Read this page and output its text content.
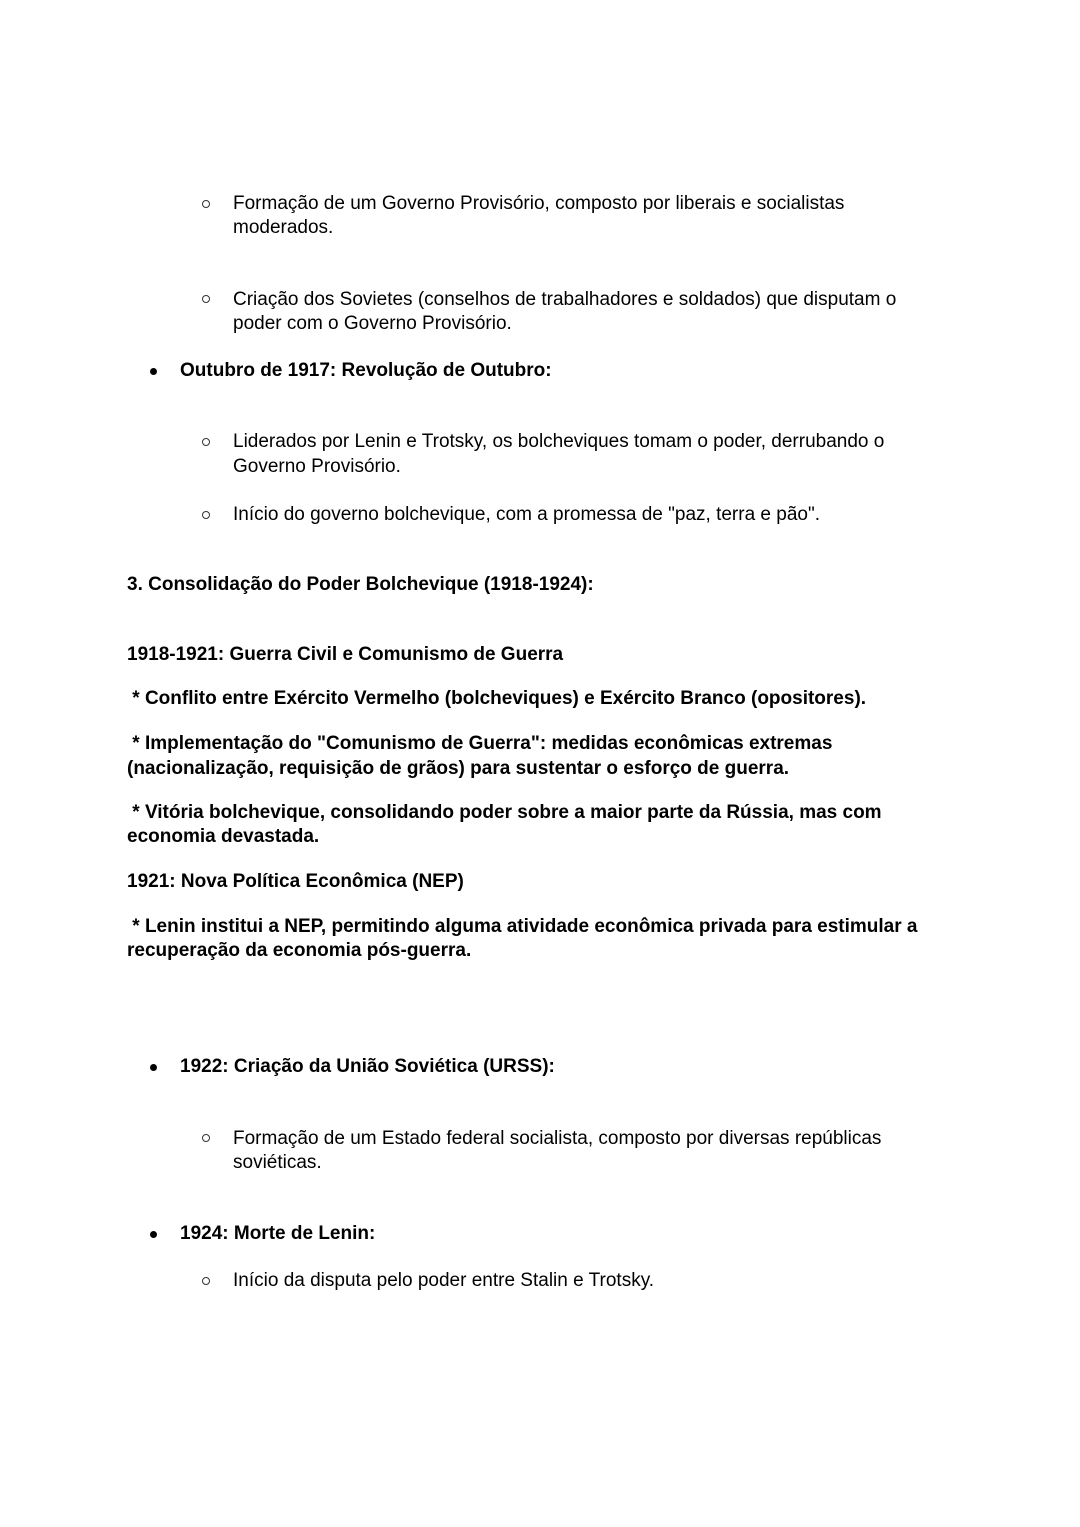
Formação de um Governo Provisório, composto por liberais e socialistas
moderados.
Criação dos Sovietes (conselhos de trabalhadores e soldados) que disputam o
poder com o Governo Provisório.
Outubro de 1917: Revolução de Outubro:
Liderados por Lenin e Trotsky, os bolcheviques tomam o poder, derrubando o
Governo Provisório.
Início do governo bolchevique, com a promessa de "paz, terra e pão".
3. Consolidação do Poder Bolchevique (1918-1924):
1918-1921: Guerra Civil e Comunismo de Guerra
* Conflito entre Exército Vermelho (bolcheviques) e Exército Branco (opositores).
* Implementação do "Comunismo de Guerra": medidas econômicas extremas
(nacionalização, requisição de grãos) para sustentar o esforço de guerra.
* Vitória bolchevique, consolidando poder sobre a maior parte da Rússia, mas com
economia devastada.
1921: Nova Política Econômica (NEP)
* Lenin institui a NEP, permitindo alguma atividade econômica privada para estimular a
recuperação da economia pós-guerra.
1922: Criação da União Soviética (URSS):
Formação de um Estado federal socialista, composto por diversas repúblicas
soviéticas.
1924: Morte de Lenin:
Início da disputa pelo poder entre Stalin e Trotsky.
